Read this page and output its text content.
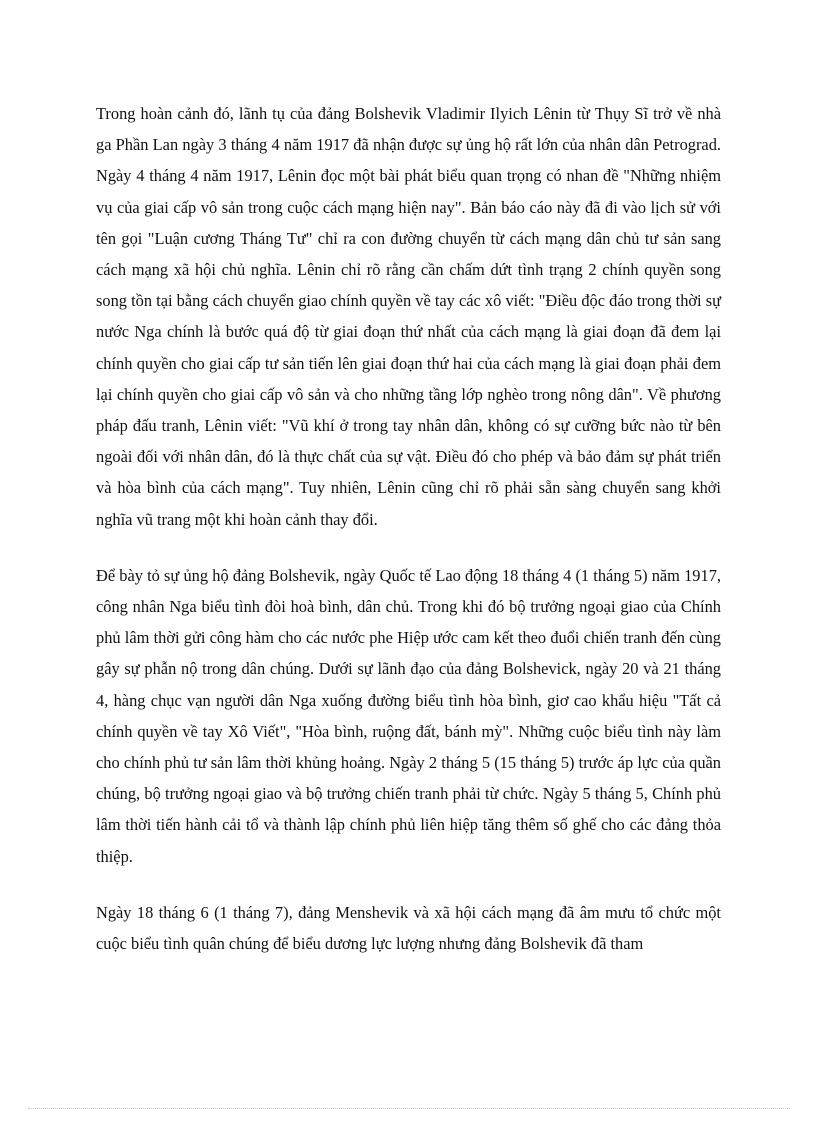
Trong hoàn cảnh đó, lãnh tụ của đảng Bolshevik Vladimir Ilyich Lênin từ Thụy Sĩ trở về nhà ga Phần Lan ngày 3 tháng 4 năm 1917 đã nhận được sự ủng hộ rất lớn của nhân dân Petrograd. Ngày 4 tháng 4 năm 1917, Lênin đọc một bài phát biểu quan trọng có nhan đề "Những nhiệm vụ của giai cấp vô sản trong cuộc cách mạng hiện nay". Bản báo cáo này đã đi vào lịch sử với tên gọi "Luận cương Tháng Tư" chỉ ra con đường chuyển từ cách mạng dân chủ tư sản sang cách mạng xã hội chủ nghĩa. Lênin chỉ rõ rằng cần chấm dứt tình trạng 2 chính quyền song song tồn tại bằng cách chuyển giao chính quyền về tay các xô viết: "Điều độc đáo trong thời sự nước Nga chính là bước quá độ từ giai đoạn thứ nhất của cách mạng là giai đoạn đã đem lại chính quyền cho giai cấp tư sản tiến lên giai đoạn thứ hai của cách mạng là giai đoạn phải đem lại chính quyền cho giai cấp vô sản và cho những tầng lớp nghèo trong nông dân". Về phương pháp đấu tranh, Lênin viết: "Vũ khí ở trong tay nhân dân, không có sự cưỡng bức nào từ bên ngoài đối với nhân dân, đó là thực chất của sự vật. Điều đó cho phép và bảo đảm sự phát triển và hòa bình của cách mạng". Tuy nhiên, Lênin cũng chỉ rõ phải sẵn sàng chuyển sang khởi nghĩa vũ trang một khi hoàn cảnh thay đổi.

Để bày tỏ sự ủng hộ đảng Bolshevik, ngày Quốc tế Lao động 18 tháng 4 (1 tháng 5) năm 1917, công nhân Nga biểu tình đòi hoà bình, dân chủ. Trong khi đó bộ trưởng ngoại giao của Chính phủ lâm thời gửi công hàm cho các nước phe Hiệp ước cam kết theo đuổi chiến tranh đến cùng gây sự phẫn nộ trong dân chúng. Dưới sự lãnh đạo của đảng Bolshevick, ngày 20 và 21 tháng 4, hàng chục vạn người dân Nga xuống đường biểu tình hòa bình, giơ cao khẩu hiệu "Tất cả chính quyền về tay Xô Viết", "Hòa bình, ruộng đất, bánh mỳ". Những cuộc biểu tình này làm cho chính phủ tư sản lâm thời khủng hoảng. Ngày 2 tháng 5 (15 tháng 5) trước áp lực của quần chúng, bộ trưởng ngoại giao và bộ trưởng chiến tranh phải từ chức. Ngày 5 tháng 5, Chính phủ lâm thời tiến hành cải tổ và thành lập chính phủ liên hiệp tăng thêm số ghế cho các đảng thỏa thiệp.

Ngày 18 tháng 6 (1 tháng 7), đảng Menshevik và xã hội cách mạng đã âm mưu tổ chức một cuộc biểu tình quân chúng để biểu dương lực lượng nhưng đảng Bolshevik đã tham
